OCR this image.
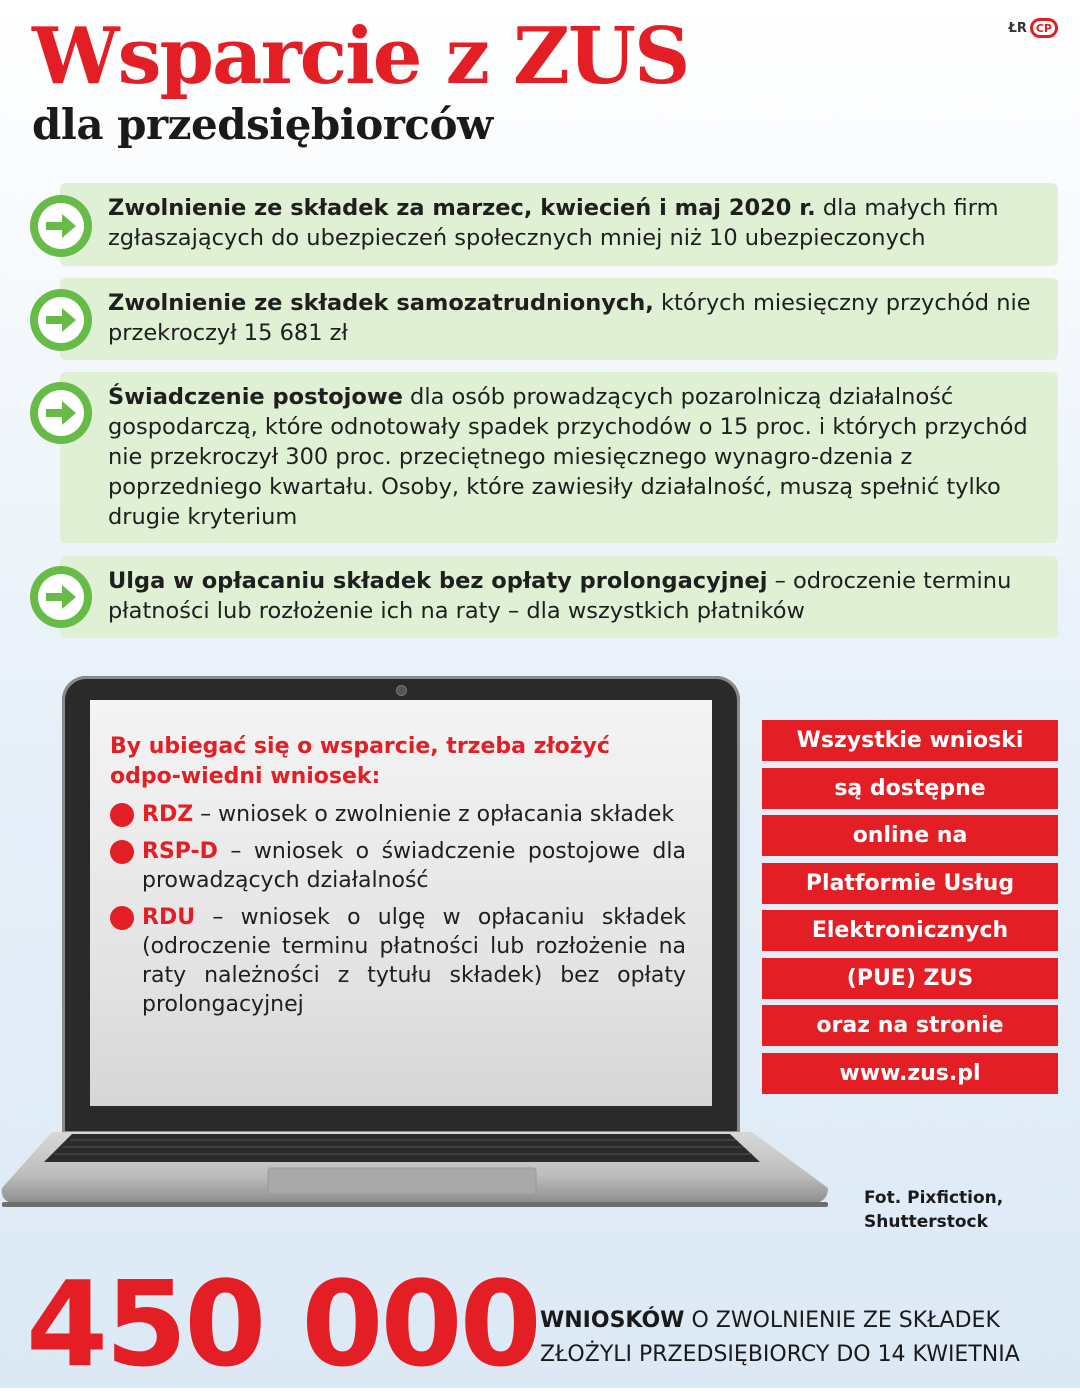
Wsparcie z ZUS
dla przedsiębiorców
ŁR CP
Zwolnienie ze składek za marzec, kwiecień i maj 2020 r. dla małych firm zgłaszających do ubezpieczeń społecznych mniej niż 10 ubezpieczonych
Zwolnienie ze składek samozatrudnionych, których miesięczny przychód nie przekroczył 15 681 zł
Świadczenie postojowe dla osób prowadzących pozarolniczą działalność gospodarczą, które odnotowały spadek przychodów o 15 proc. i których przychód nie przekroczył 300 proc. przeciętnego miesięcznego wynagro-dzenia z poprzedniego kwartału. Osoby, które zawiesiły działalność, muszą spełnić tylko drugie kryterium
Ulga w opłacaniu składek bez opłaty prolongacyjnej – odroczenie terminu płatności lub rozłożenie ich na raty – dla wszystkich płatników
By ubiegać się o wsparcie, trzeba złożyć odpo-wiedni wniosek:
RDZ – wniosek o zwolnienie z opłacania składek
RSP-D – wniosek o świadczenie postojowe dla prowadzących działalność
RDU – wniosek o ulgę w opłacaniu składek (odroczenie terminu płatności lub rozłożenie na raty należności z tytułu składek) bez opłaty prolongacyjnej
Wszystkie wnioski
są dostępne
online na
Platformie Usług
Elektronicznych
(PUE) ZUS
oraz na stronie
www.zus.pl
Fot. Pixfiction,
Shutterstock
450 000 WNIOSKÓW O ZWOLNIENIE ZE SKŁADEK
ZŁOŻYLI PRZEDSIĘBIORCY DO 14 KWIETNIA
